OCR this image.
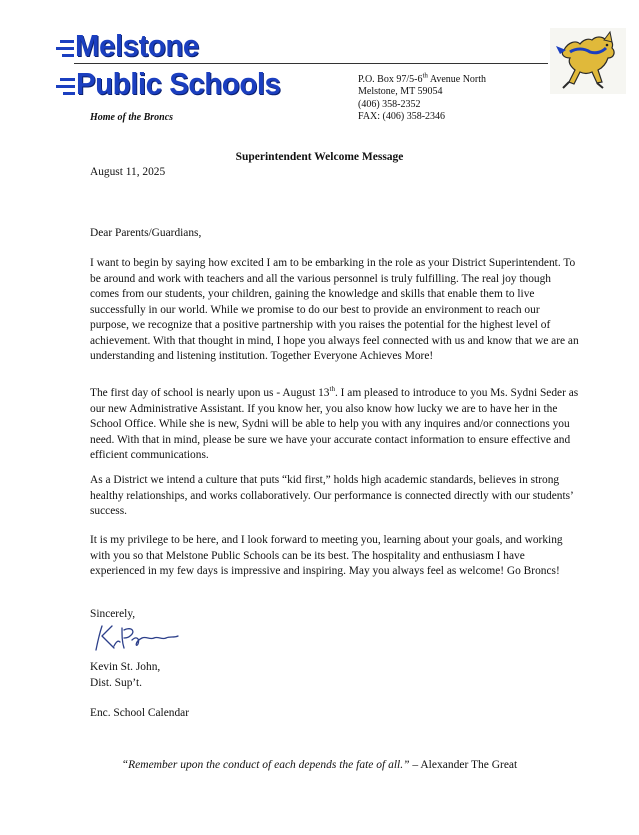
Melstone
Public Schools
Home of the Broncs
P.O. Box 97/5-6th Avenue North
Melstone, MT 59054
(406) 358-2352
FAX: (406) 358-2346
Superintendent Welcome Message
August 11, 2025
Dear Parents/Guardians,

I want to begin by saying how excited I am to be embarking in the role as your District Superintendent. To be around and work with teachers and all the various personnel is truly fulfilling. The real joy though comes from our students, your children, gaining the knowledge and skills that enable them to live successfully in our world. While we promise to do our best to provide an environment to reach our purpose, we recognize that a positive partnership with you raises the potential for the highest level of achievement. With that thought in mind, I hope you always feel connected with us and know that we are an understanding and listening institution. Together Everyone Achieves More!

The first day of school is nearly upon us - August 13th. I am pleased to introduce to you Ms. Sydni Seder as our new Administrative Assistant. If you know her, you also know how lucky we are to have her in the School Office. While she is new, Sydni will be able to help you with any inquires and/or connections you need. With that in mind, please be sure we have your accurate contact information to ensure effective and efficient communications.

As a District we intend a culture that puts “kid first,” holds high academic standards, believes in strong healthy relationships, and works collaboratively. Our performance is connected directly with our students’ success.

It is my privilege to be here, and I look forward to meeting you, learning about your goals, and working with you so that Melstone Public Schools can be its best. The hospitality and enthusiasm I have experienced in my few days is impressive and inspiring. May you always feel as welcome! Go Broncs!

Sincerely,
Kevin St. John,
Dist. Sup’t.
Enc. School Calendar
“Remember upon the conduct of each depends the fate of all.” – Alexander The Great
